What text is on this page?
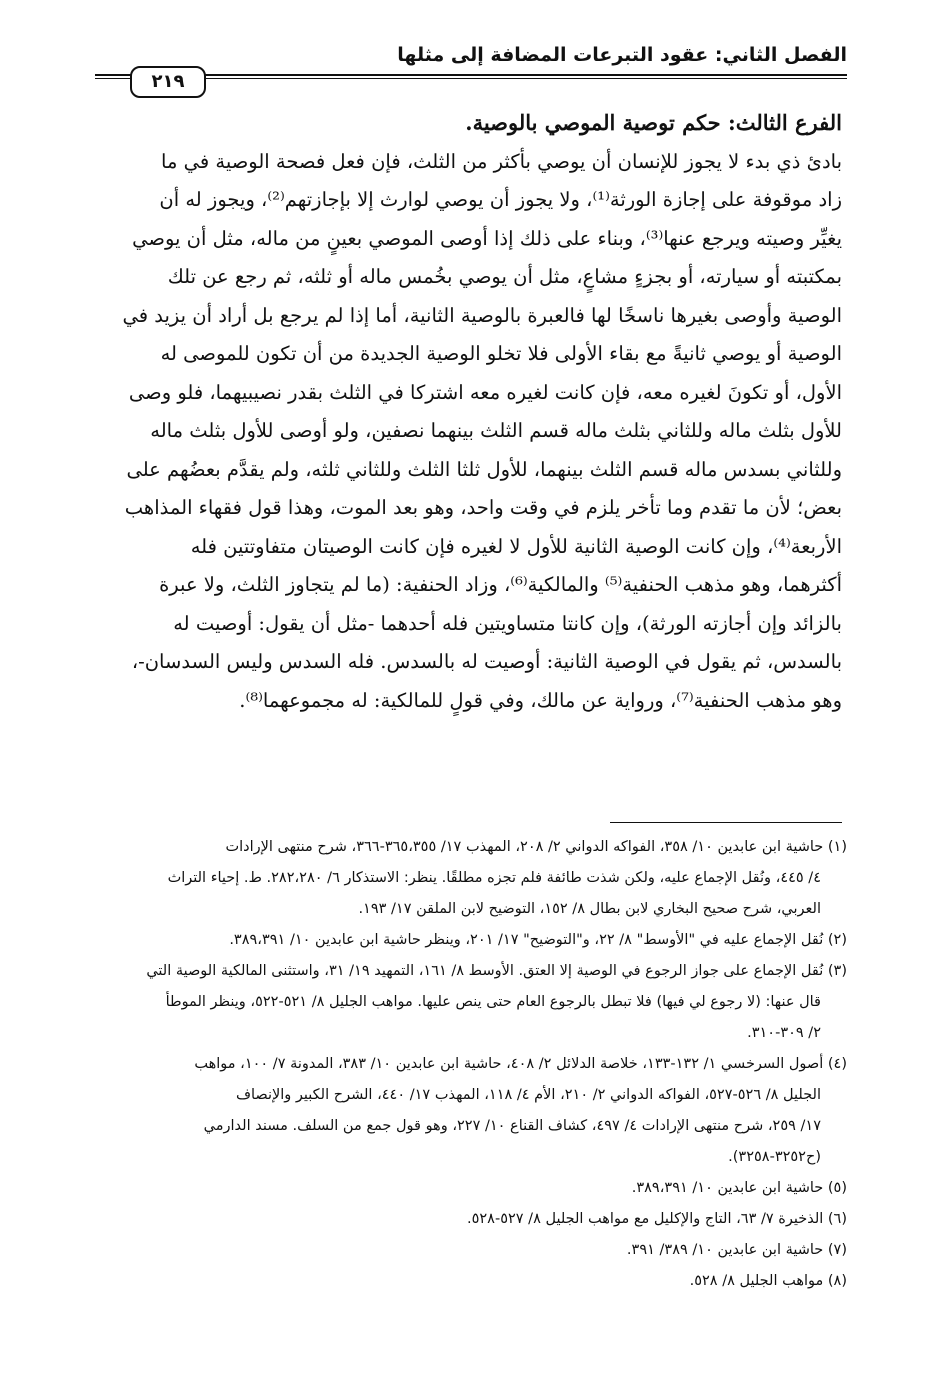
الفصل الثاني: عقود التبرعات المضافة إلى مثلها
٢١٩
الفرع الثالث: حكم توصية الموصي بالوصية.
بادئ ذي بدء لا يجوز للإنسان أن يوصي بأكثر من الثلث، فإن فعل فصحة الوصية في ما
زاد موقوفة على إجازة الورثة⁽¹⁾، ولا يجوز أن يوصي لوارث إلا بإجازتهم⁽²⁾، ويجوز له أن
يغيِّر وصيته ويرجع عنها⁽³⁾، وبناء على ذلك إذا أوصى الموصي بعينٍ من ماله، مثل أن يوصي
بمكتبته أو سيارته، أو بجزءٍ مشاعٍ، مثل أن يوصي بخُمس ماله أو ثلثه، ثم رجع عن تلك
الوصية وأوصى بغيرها ناسخًا لها فالعبرة بالوصية الثانية، أما إذا لم يرجع بل أراد أن يزيد في
الوصية أو يوصي ثانيةً مع بقاء الأولى فلا تخلو الوصية الجديدة من أن تكون للموصى له
الأول، أو تكونَ لغيره معه، فإن كانت لغيره معه اشتركا في الثلث بقدر نصيبيهما، فلو وصى
للأول بثلث ماله وللثاني بثلث ماله قسم الثلث بينهما نصفين، ولو أوصى للأول بثلث ماله
وللثاني بسدس ماله قسم الثلث بينهما، للأول ثلثا الثلث وللثاني ثلثه، ولم يقدَّم بعضُهم على
بعض؛ لأن ما تقدم وما تأخر يلزم في وقت واحد، وهو بعد الموت، وهذا قول فقهاء المذاهب
الأربعة⁽⁴⁾، وإن كانت الوصية الثانية للأول لا لغيره فإن كانت الوصيتان متفاوتتين فله
أكثرهما، وهو مذهب الحنفية⁽⁵⁾ والمالكية⁽⁶⁾، وزاد الحنفية: (ما لم يتجاوز الثلث، ولا عبرة
بالزائد وإن أجازته الورثة)، وإن كانتا متساويتين فله أحدهما -مثل أن يقول: أوصيت له
بالسدس، ثم يقول في الوصية الثانية: أوصيت له بالسدس. فله السدس وليس السدسان-،
وهو مذهب الحنفية⁽⁷⁾، ورواية عن مالك، وفي قولٍ للمالكية: له مجموعهما⁽⁸⁾.
(١) حاشية ابن عابدين ١٠/ ٣٥٨، الفواكه الدواني ٢/ ٢٠٨، المهذب ١٧/ ٣٦٥،٣٥٥-٣٦٦، شرح منتهى الإرادات
٤/ ٤٤٥، ونُقل الإجماع عليه، ولكن شذت طائفة فلم تجزه مطلقًا. ينظر: الاستذكار ٦/ ٢٨٢،٢٨٠. ط. إحياء التراث
العربي، شرح صحيح البخاري لابن بطال ٨/ ١٥٢، التوضيح لابن الملقن ١٧/ ١٩٣.
(٢) نُقل الإجماع عليه في "الأوسط" ٨/ ٢٢، و"التوضيح" ١٧/ ٢٠١، وينظر حاشية ابن عابدين ١٠/ ٣٨٩،٣٩١.
(٣) نُقل الإجماع على جواز الرجوع في الوصية إلا العتق. الأوسط ٨/ ١٦١، التمهيد ١٩/ ٣١، واستثنى المالكية الوصية التي
قال عنها: (لا رجوع لي فيها) فلا تبطل بالرجوع العام حتى ينص عليها. مواهب الجليل ٨/ ٥٢١-٥٢٢، وينظر الموطأ
٢/ ٣٠٩-٣١٠.
(٤) أصول السرخسي ١/ ١٣٢-١٣٣، خلاصة الدلائل ٢/ ٤٠٨، حاشية ابن عابدين ١٠/ ٣٨٣، المدونة ٧/ ١٠٠، مواهب
الجليل ٨/ ٥٢٦-٥٢٧، الفواكه الدواني ٢/ ٢١٠، الأم ٤/ ١١٨، المهذب ١٧/ ٤٤٠، الشرح الكبير والإنصاف
١٧/ ٢٥٩، شرح منتهى الإرادات ٤/ ٤٩٧، كشاف القناع ١٠/ ٢٢٧، وهو قول جمع من السلف. مسند الدارمي
(ح٣٢٥٢-٣٢٥٨).
(٥) حاشية ابن عابدين ١٠/ ٣٨٩،٣٩١.
(٦) الذخيرة ٧/ ٦٣، التاج والإكليل مع مواهب الجليل ٨/ ٥٢٧-٥٢٨.
(٧) حاشية ابن عابدين ١٠/ ٣٨٩/ ٣٩١.
(٨) مواهب الجليل ٨/ ٥٢٨.
